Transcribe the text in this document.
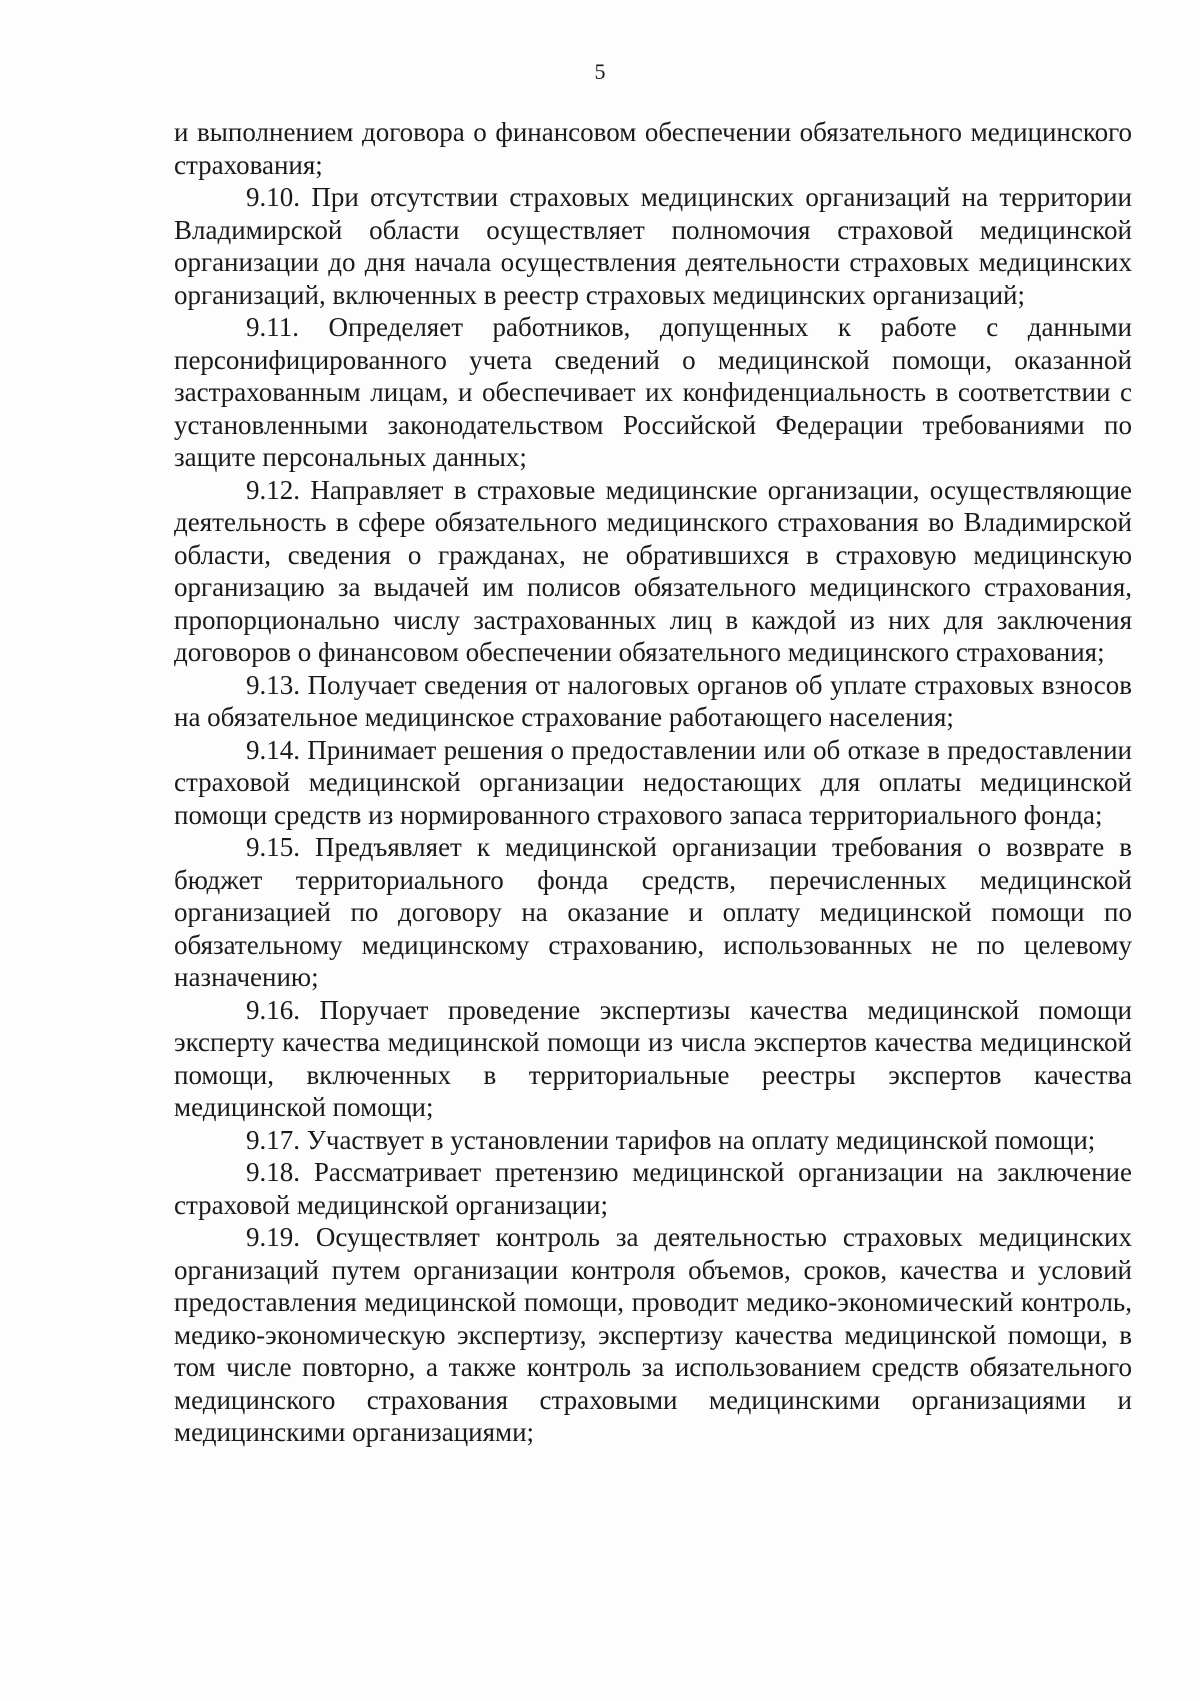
5

и выполнением договора о финансовом обеспечении обязательного медицинского страхования;

9.10. При отсутствии страховых медицинских организаций на территории Владимирской области осуществляет полномочия страховой медицинской организации до дня начала осуществления деятельности страховых медицинских организаций, включенных в реестр страховых медицинских организаций;

9.11. Определяет работников, допущенных к работе с данными персонифицированного учета сведений о медицинской помощи, оказанной застрахованным лицам, и обеспечивает их конфиденциальность в соответствии с установленными законодательством Российской Федерации требованиями по защите персональных данных;

9.12. Направляет в страховые медицинские организации, осуществляющие деятельность в сфере обязательного медицинского страхования во Владимирской области, сведения о гражданах, не обратившихся в страховую медицинскую организацию за выдачей им полисов обязательного медицинского страхования, пропорционально числу застрахованных лиц в каждой из них для заключения договоров о финансовом обеспечении обязательного медицинского страхования;

9.13. Получает сведения от налоговых органов об уплате страховых взносов на обязательное медицинское страхование работающего населения;

9.14. Принимает решения о предоставлении или об отказе в предоставлении страховой медицинской организации недостающих для оплаты медицинской помощи средств из нормированного страхового запаса территориального фонда;

9.15. Предъявляет к медицинской организации требования о возврате в бюджет территориального фонда средств, перечисленных медицинской организацией по договору на оказание и оплату медицинской помощи по обязательному медицинскому страхованию, использованных не по целевому назначению;

9.16. Поручает проведение экспертизы качества медицинской помощи эксперту качества медицинской помощи из числа экспертов качества медицинской помощи, включенных в территориальные реестры экспертов качества медицинской помощи;

9.17. Участвует в установлении тарифов на оплату медицинской помощи;

9.18. Рассматривает претензию медицинской организации на заключение страховой медицинской организации;

9.19. Осуществляет контроль за деятельностью страховых медицинских организаций путем организации контроля объемов, сроков, качества и условий предоставления медицинской помощи, проводит медико-экономический контроль, медико-экономическую экспертизу, экспертизу качества медицинской помощи, в том числе повторно, а также контроль за использованием средств обязательного медицинского страхования страховыми медицинскими организациями и медицинскими организациями;
